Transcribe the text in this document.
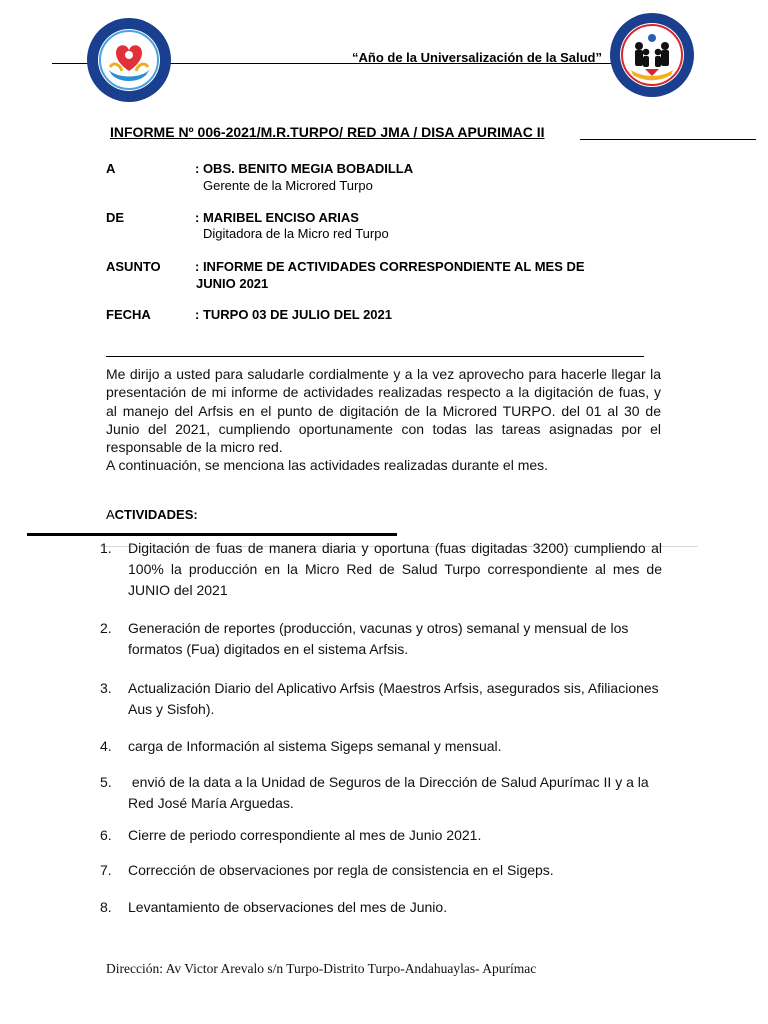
“Año de la Universalización de la Salud”
INFORME Nº 006-2021/M.R.TURPO/ RED JMA / DISA APURIMAC II
A	: OBS. BENITO MEGIA BOBADILLA
Gerente de la Microred Turpo
DE	: MARIBEL ENCISO ARIAS
Digitadora de la Micro red Turpo
ASUNTO	: INFORME DE ACTIVIDADES CORRESPONDIENTE AL MES DE
JUNIO 2021
FECHA	: TURPO 03 DE JULIO DEL 2021

Me dirijo a usted para saludarle cordialmente y a la vez aprovecho para hacerle llegar la presentación de mi informe de actividades realizadas respecto a la digitación de fuas, y al manejo del Arfsis en el punto de digitación de la Microred TURPO. del 01 al 30 de Junio del 2021, cumpliendo oportunamente con todas las tareas asignadas por el responsable de la micro red.

A continuación, se menciona las actividades realizadas durante el mes.

ACTIVIDADES:
1.	Digitación de fuas de manera diaria y oportuna (fuas digitadas 3200) cumpliendo al 100% la producción en la Micro Red de Salud Turpo correspondiente al mes de JUNIO del 2021
2.	Generación de reportes (producción, vacunas y otros) semanal y mensual de los formatos (Fua) digitados en el sistema Arfsis.
3.	Actualización Diario del Aplicativo Arfsis (Maestros Arfsis, asegurados sis, Afiliaciones Aus y Sisfoh).
4.	carga de Información al sistema Sigeps semanal y mensual.
5.	envió de la data a la Unidad de Seguros de la Dirección de Salud Apurímac II y a la Red José María Arguedas.
6.	Cierre de periodo correspondiente al mes de Junio 2021.
7.	Corrección de observaciones por regla de consistencia en el Sigeps.
8.	Levantamiento de observaciones del mes de Junio.
Dirección: Av Victor Arevalo s/n Turpo-Distrito Turpo-Andahuaylas- Apurímac
